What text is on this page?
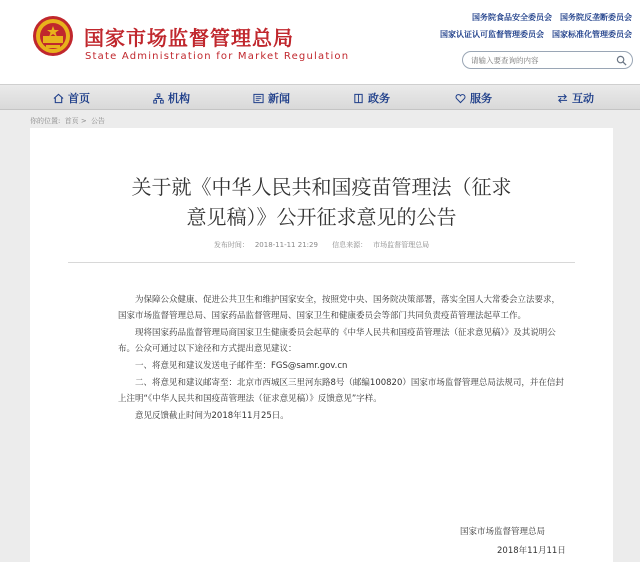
国家市场监督管理总局
State Administration for Market Regulation
国务院食品安全委员会 国务院反垄断委员会
国家认证认可监督管理委员会 国家标准化管理委员会
请输入要查询的内容
首页	机构	新闻	政务	服务	互动
你的位置: 首页 > 公告
关于就《中华人民共和国疫苗管理法（征求
意见稿）》公开征求意见的公告
发布时间： 2018-11-11 21:29 信息来源： 市场监督管理总局

为保障公众健康、促进公共卫生和维护国家安全，按照党中央、国务院决策部署，落实全国人大常委会立法要求，国家市场监督管理总局、国家药品监督管理局、国家卫生和健康委员会等部门共同负责疫苗管理法起草工作。

现将国家药品监督管理局商国家卫生健康委员会起草的《中华人民共和国疫苗管理法（征求意见稿）》及其说明公布。公众可通过以下途径和方式提出意见建议：

一、将意见和建议发送电子邮件至：FGS@samr.gov.cn

二、将意见和建议邮寄至：北京市西城区三里河东路8号（邮编100820）国家市场监督管理总局法规司，并在信封上注明“《中华人民共和国疫苗管理法（征求意见稿）》反馈意见”字样。

意见反馈截止时间为2018年11月25日。

国家市场监督管理总局
2018年11月11日
